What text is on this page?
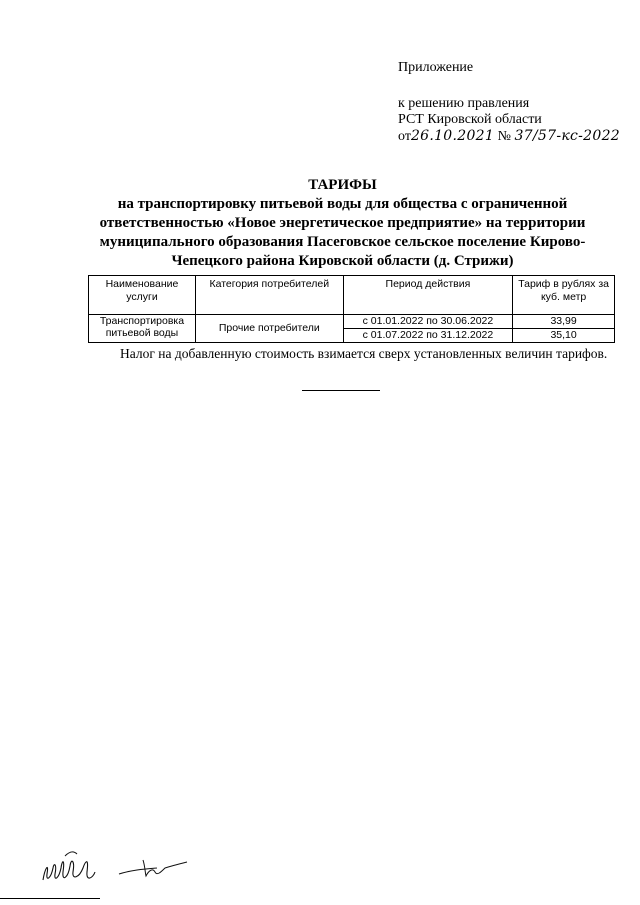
Приложение
к решению правления
РСТ Кировской области
от26.10.2021 № 37/57-кс-2022
ТАРИФЫ
на транспортировку питьевой воды для общества с ограниченной
ответственностью «Новое энергетическое предприятие» на территории
муниципального образования Пасеговское сельское поселение Кирово-
Чепецкого района Кировской области (д. Стрижи)
Наименование услуги	Категория потребителей	Период действия	Тариф в рублях за куб. метр
Транспортировка питьевой воды	Прочие потребители	с 01.01.2022 по 30.06.2022	33,99
		с 01.07.2022 по 31.12.2022	35,10
Налог на добавленную стоимость взимается сверх установленных величин тарифов.
